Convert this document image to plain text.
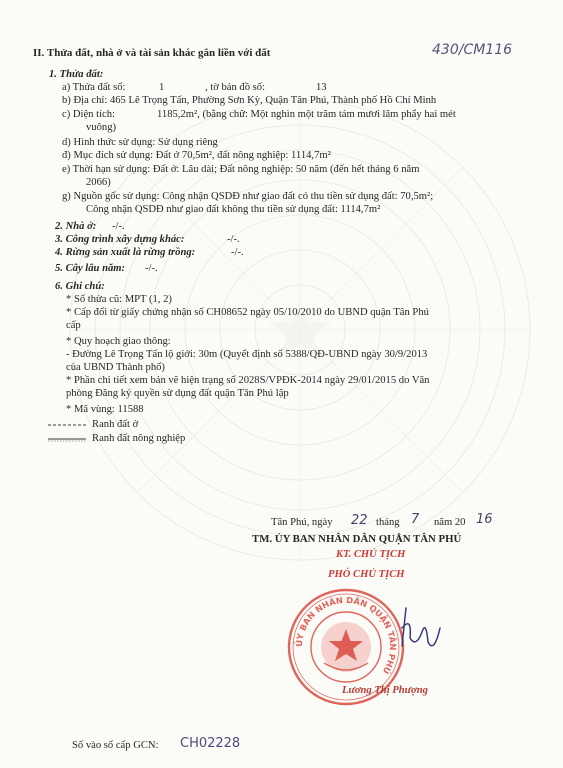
II. Thửa đất, nhà ở và tài sản khác gắn liền với đất	430/CM116
1. Thửa đất:
a) Thửa đất số:	1	, tờ bản đồ số:	13
b) Địa chỉ: 465 Lê Trọng Tấn, Phường Sơn Kỳ, Quận Tân Phú, Thành phố Hồ Chí Minh
c) Diện tích:	1185,2m², (bằng chữ: Một nghìn một trăm tám mươi lăm phẩy hai mét
vuông)
d) Hình thức sử dụng: Sử dụng riêng
đ) Mục đích sử dụng: Đất ở 70,5m², đất nông nghiệp: 1114,7m²
e) Thời hạn sử dụng: Đất ở: Lâu dài; Đất nông nghiệp: 50 năm (đến hết tháng 6 năm
2066)
g) Nguồn gốc sử dụng: Công nhận QSDĐ như giao đất có thu tiền sử dụng đất: 70,5m²;
Công nhận QSDĐ như giao đất không thu tiền sử dụng đất: 1114,7m²
2. Nhà ở: -/-.
3. Công trình xây dựng khác:	-/-.
4. Rừng sản xuất là rừng trồng:	-/-.
5. Cây lâu năm: -/-.
6. Ghi chú:
* Số thửa cũ: MPT (1, 2)
* Cấp đổi từ giấy chứng nhận số CH08652 ngày 05/10/2010 do UBND quận Tân Phú
cấp
* Quy hoạch giao thông:
- Đường Lê Trọng Tấn lộ giới: 30m (Quyết định số 5388/QĐ-UBND ngày 30/9/2013
của UBND Thành phố)
* Phần chi tiết xem bản vẽ hiện trạng số 2028S/VPĐK-2014 ngày 29/01/2015 do Văn
phòng Đăng ký quyền sử dụng đất quận Tân Phú lập
* Mã vùng: 11588
Ranh đất ở
Ranh đất nông nghiệp
Tân Phú, ngày 22 tháng 7 năm 20 16
TM. ỦY BAN NHÂN DÂN QUẬN TÂN PHÚ
KT. CHỦ TỊCH
PHÓ CHỦ TỊCH
ỦY BAN NHÂN DÂN QUẬN TÂN PHÚ
Lương Thị Phượng
Số vào sổ cấp GCN: CH02228
